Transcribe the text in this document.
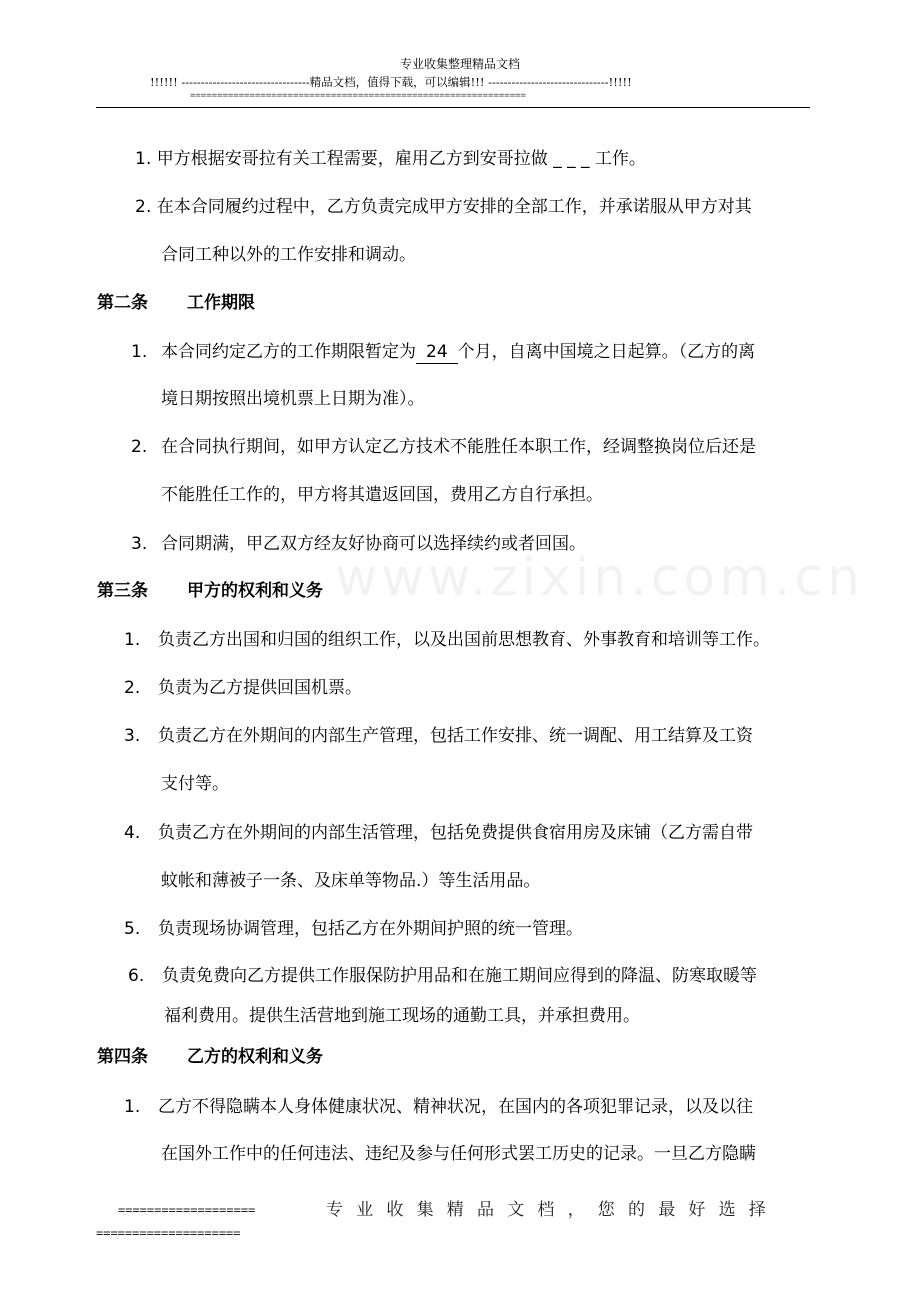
专业收集整理精品文档
!!!!!! ---------------------------------精品文档，值得下载，可以编辑!!! -------------------------------!!!!!
==============================================================
www.zixin.com.cn
1 . 甲方根据安哥拉有关工程需要，雇用乙方到安哥拉做 _ _ _ 工作。
2 . 在本合同履约过程中，乙方负责完成甲方安排的全部工作，并承诺服从甲方对其
合同工种以外的工作安排和调动。
第二条 工作期限
1. 本合同约定乙方的工作期限暂定为 24 个月，自离中国境之日起算。（乙方的离
境日期按照出境机票上日期为准）。
2. 在合同执行期间，如甲方认定乙方技术不能胜任本职工作，经调整换岗位后还是
不能胜任工作的，甲方将其遣返回国，费用乙方自行承担。
3. 合同期满，甲乙双方经友好协商可以选择续约或者回国。
第三条 甲方的权利和义务
1. 负责乙方出国和归国的组织工作，以及出国前思想教育、外事教育和培训等工作。
2. 负责为乙方提供回国机票。
3. 负责乙方在外期间的内部生产管理，包括工作安排、统一调配、用工结算及工资
支付等。
4. 负责乙方在外期间的内部生活管理，包括免费提供食宿用房及床铺（乙方需自带
蚊帐和薄被子一条、及床单等物品.）等生活用品。
5. 负责现场协调管理，包括乙方在外期间护照的统一管理。
6. 负责免费向乙方提供工作服保防护用品和在施工期间应得到的降温、防寒取暖等
福利费用。提供生活营地到施工现场的通勤工具，并承担费用。
第四条 乙方的权利和义务
1. 乙方不得隐瞒本人身体健康状况、精神状况，在国内的各项犯罪记录，以及以往
在国外工作中的任何违法、违纪及参与任何形式罢工历史的记录。一旦乙方隐瞒
===================	专业收集精品文档，您的最好选择
====================
